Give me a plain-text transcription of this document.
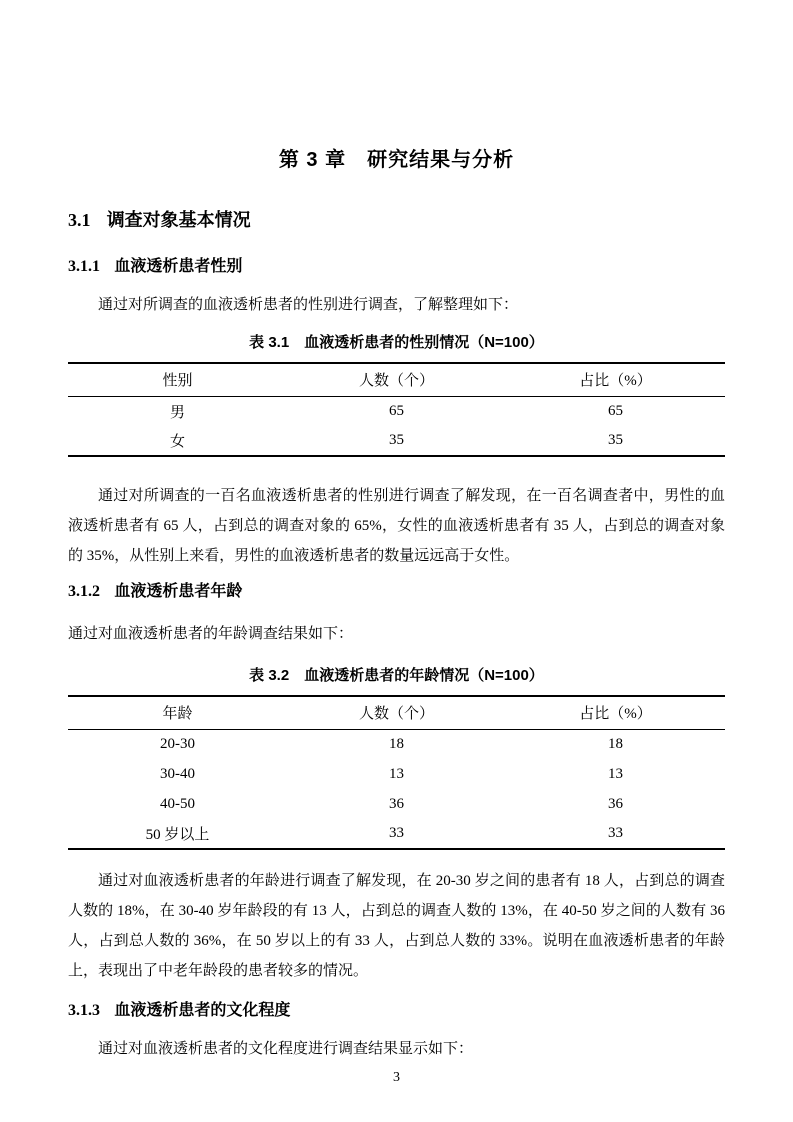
第 3 章　研究结果与分析
3.1 调查对象基本情况
3.1.1 血液透析患者性别

通过对所调查的血液透析患者的性别进行调查，了解整理如下：

表 3.1　血液透析患者的性别情况（N=100）
性别	人数（个）	占比（%）
男	65	65
女	35	35

通过对所调查的一百名血液透析患者的性别进行调查了解发现，在一百名调查者中，男性的血液透析患者有 65 人，占到总的调查对象的 65%，女性的血液透析患者有 35 人，占到总的调查对象的 35%，从性别上来看，男性的血液透析患者的数量远远高于女性。

3.1.2 血液透析患者年龄

通过对血液透析患者的年龄调查结果如下：

表 3.2　血液透析患者的年龄情况（N=100）
年龄	人数（个）	占比（%）
20-30	18	18
30-40	13	13
40-50	36	36
50 岁以上	33	33

通过对血液透析患者的年龄进行调查了解发现，在 20-30 岁之间的患者有 18 人，占到总的调查人数的 18%，在 30-40 岁年龄段的有 13 人，占到总的调查人数的 13%，在 40-50 岁之间的人数有 36 人，占到总人数的 36%，在 50 岁以上的有 33 人，占到总人数的 33%。说明在血液透析患者的年龄上，表现出了中老年龄段的患者较多的情况。

3.1.3 血液透析患者的文化程度

通过对血液透析患者的文化程度进行调查结果显示如下：

3
